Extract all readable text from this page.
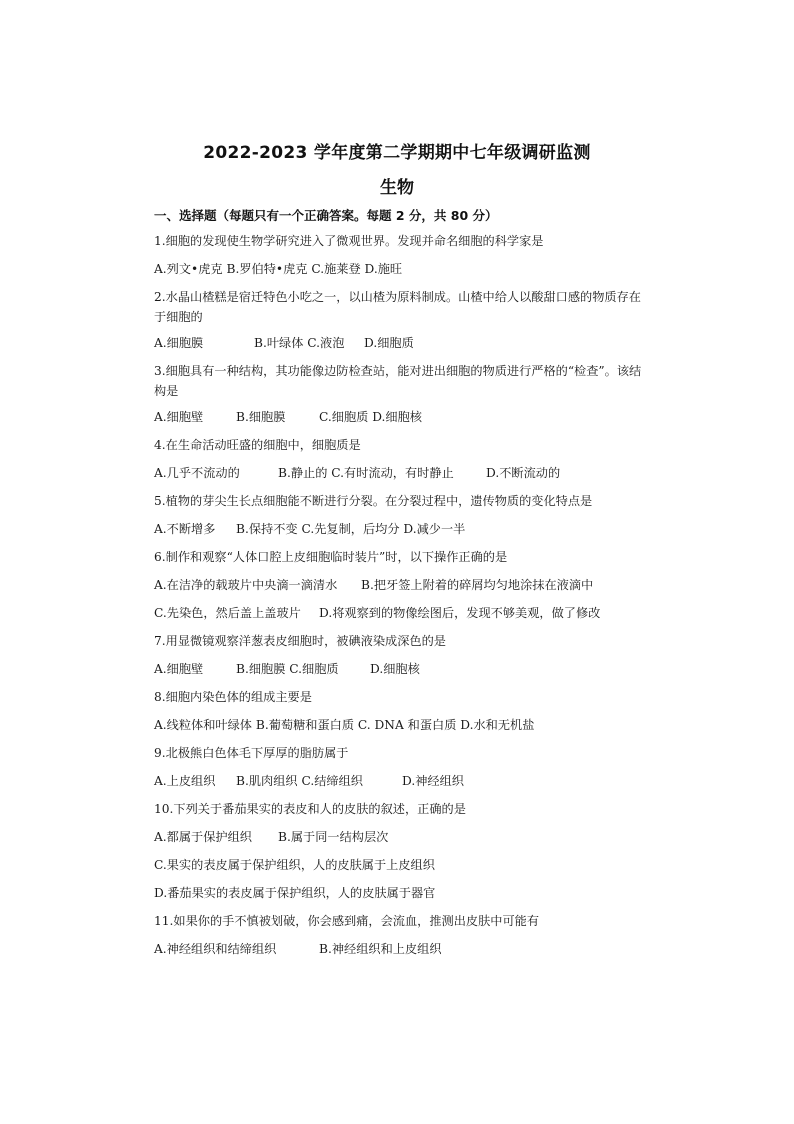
2022-2023 学年度第二学期期中七年级调研监测
生物
一、选择题（每题只有一个正确答案。每题 2 分，共 80 分）
1.细胞的发现使生物学研究进入了微观世界。发现并命名细胞的科学家是
A.列文•虎克 B.罗伯特•虎克 C.施莱登 D.施旺
2.水晶山楂糕是宿迁特色小吃之一，以山楂为原料制成。山楂中给人以酸甜口感的物质存在于细胞的
A.细胞膜	B.叶绿体 C.液泡 D.细胞质
3.细胞具有一种结构，其功能像边防检查站，能对进出细胞的物质进行严格的“检查”。该结构是
A.细胞壁	B.细胞膜	C.细胞质 D.细胞核
4.在生命活动旺盛的细胞中，细胞质是
A.几乎不流动的	B.静止的 C.有时流动，有时静止	D.不断流动的
5.植物的芽尖生长点细胞能不断进行分裂。在分裂过程中，遗传物质的变化特点是
A.不断增多 B.保持不变 C.先复制，后均分 D.减少一半
6.制作和观察“人体口腔上皮细胞临时装片”时，以下操作正确的是
A.在洁净的载玻片中央滴一滴清水 B.把牙签上附着的碎屑均匀地涂抹在液滴中
C.先染色，然后盖上盖玻片 D.将观察到的物像绘图后，发现不够美观，做了修改
7.用显微镜观察洋葱表皮细胞时，被碘液染成深色的是
A.细胞壁	B.细胞膜 C.细胞质	D.细胞核
8.细胞内染色体的组成主要是
A.线粒体和叶绿体 B.葡萄糖和蛋白质 C. DNA 和蛋白质 D.水和无机盐
9.北极熊白色体毛下厚厚的脂肪属于
A.上皮组织 B.肌肉组织 C.结缔组织	D.神经组织
10.下列关于番茄果实的表皮和人的皮肤的叙述，正确的是
A.都属于保护组织 B.属于同一结构层次
C.果实的表皮属于保护组织，人的皮肤属于上皮组织
D.番茄果实的表皮属于保护组织，人的皮肤属于器官
11.如果你的手不慎被划破，你会感到痛，会流血，推测出皮肤中可能有
A.神经组织和结缔组织	B.神经组织和上皮组织
